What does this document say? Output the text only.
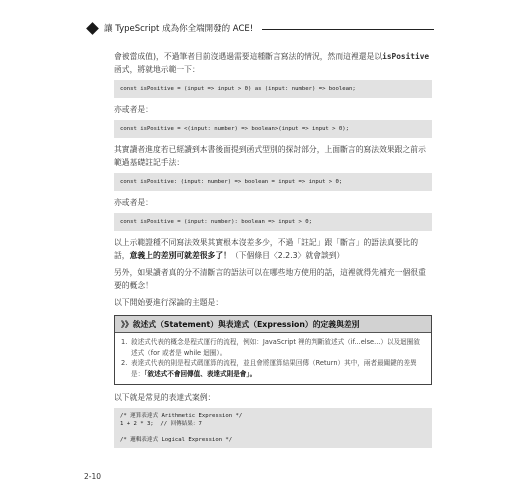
讓 TypeScript 成為你全端開發的 ACE!

會被當成值)，不過筆者目前沒遇過需要這種斷言寫法的情況，然而這裡還是以isPositive函式，將就地示範一下：

const isPositive = (input => input > 0) as (input: number) => boolean;

亦或者是：

const isPositive = <(input: number) => boolean>(input => input > 0);

其實讀者進度若已經讀到本書後面提到函式型別的探討部分，上面斷言的寫法效果跟之前示範過基礎註記手法：

const isPositive: (input: number) => boolean = input => input > 0;

亦或者是：

const isPositive = (input: number): boolean => input > 0;

以上示範證種不同寫法效果其實根本沒差多少，不過「註記」跟「斷言」的語法真要比的話，意義上的差別可就差很多了！（下個條目〈2.2.3〉就會談到）

另外，如果讀者真的分不清斷言的語法可以在哪些地方使用的話，這裡就得先補充一個很重要的概念！

以下開始要進行深論的主題是：

》》敘述式（Statement）與表達式（Expression）的定義與差別
1. 敘述式代表的概念是程式運行的流程，例如：JavaScript 裡的判斷敘述式（if...else...）以及迴圈敘述式（for 或者是 while 迴圈）。
2. 表達式代表的則是程式碼運算的流程，並且會將運算結果回傳（Return）其中，兩者最關鍵的差異是：「敘述式不會回傳值、表達式則是會」。

以下就是常見的表達式案例：

/* 運算表達式 Arithmetic Expression */
1 + 2 * 3;  // 回傳結果：7

/* 邏輯表達式 Logical Expression */
2-10
